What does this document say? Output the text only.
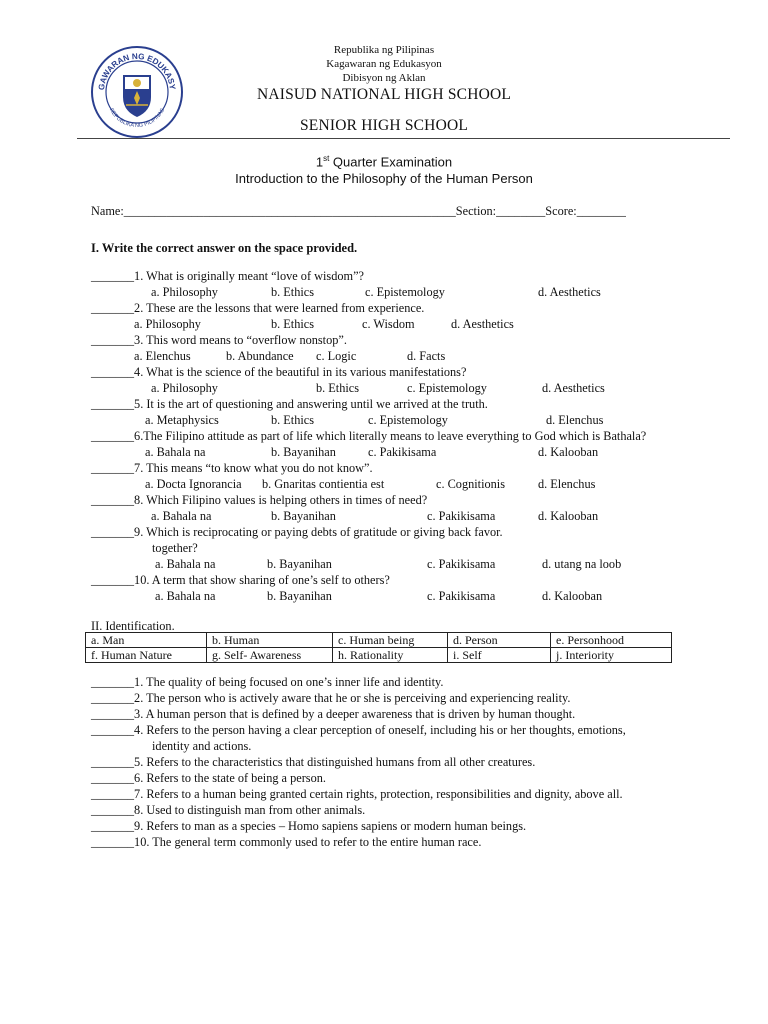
GAWARAN NG EDUKASY
REPUBLIKA NG PILIPINAS
Republika ng Pilipinas
Kagawaran ng Edukasyon
Dibisyon ng Aklan
NAISUD NATIONAL HIGH SCHOOL
SENIOR HIGH SCHOOL
1st Quarter Examination
Introduction to the Philosophy of the Human Person
Name:______________________________________________________Section:________Score:________
I. Write the correct answer on the space provided.
_______1. What is originally meant “love of wisdom”?
a. Philosophy	b. Ethics	c. Epistemology	d. Aesthetics
_______2. These are the lessons that were learned from experience.
a. Philosophy	b. Ethics	c. Wisdom	d. Aesthetics
_______3. This word means to “overflow nonstop”.
a. Elenchus	b. Abundance c. Logic	d. Facts
_______4. What is the science of the beautiful in its various manifestations?
a. Philosophy	b. Ethics	c. Epistemology	d. Aesthetics
_______5. It is the art of questioning and answering until we arrived at the truth.
a. Metaphysics	b. Ethics	c. Epistemology	d. Elenchus
_______6.The Filipino attitude as part of life which literally means to leave everything to God which is Bathala?
a. Bahala na	b. Bayanihan	c. Pakikisama	d. Kalooban
_______7. This means “to know what you do not know”.
a. Docta Ignorancia b. Gnaritas contientia est	c. Cognitionis	d. Elenchus
_______8. Which Filipino values is helping others in times of need?
a. Bahala na	b. Bayanihan	c. Pakikisama	d. Kalooban
_______9. Which is reciprocating or paying debts of gratitude or giving back favor.
together?
a. Bahala na	b. Bayanihan	c. Pakikisama	d. utang na loob
_______10. A term that show sharing of one’s self to others?
a. Bahala na	b. Bayanihan	c. Pakikisama	d. Kalooban
II. Identification.
a. Man	b. Human	c. Human being	d. Person	e. Personhood
f. Human Nature	g. Self- Awareness	h. Rationality	i. Self	j. Interiority
_______1. The quality of being focused on one’s inner life and identity.
_______2. The person who is actively aware that he or she is perceiving and experiencing reality.
_______3. A human person that is defined by a deeper awareness that is driven by human thought.
_______4. Refers to the person having a clear perception of oneself, including his or her thoughts, emotions,
identity and actions.
_______5. Refers to the characteristics that distinguished humans from all other creatures.
_______6. Refers to the state of being a person.
_______7. Refers to a human being granted certain rights, protection, responsibilities and dignity, above all.
_______8. Used to distinguish man from other animals.
_______9. Refers to man as a species – Homo sapiens sapiens or modern human beings.
_______10. The general term commonly used to refer to the entire human race.
